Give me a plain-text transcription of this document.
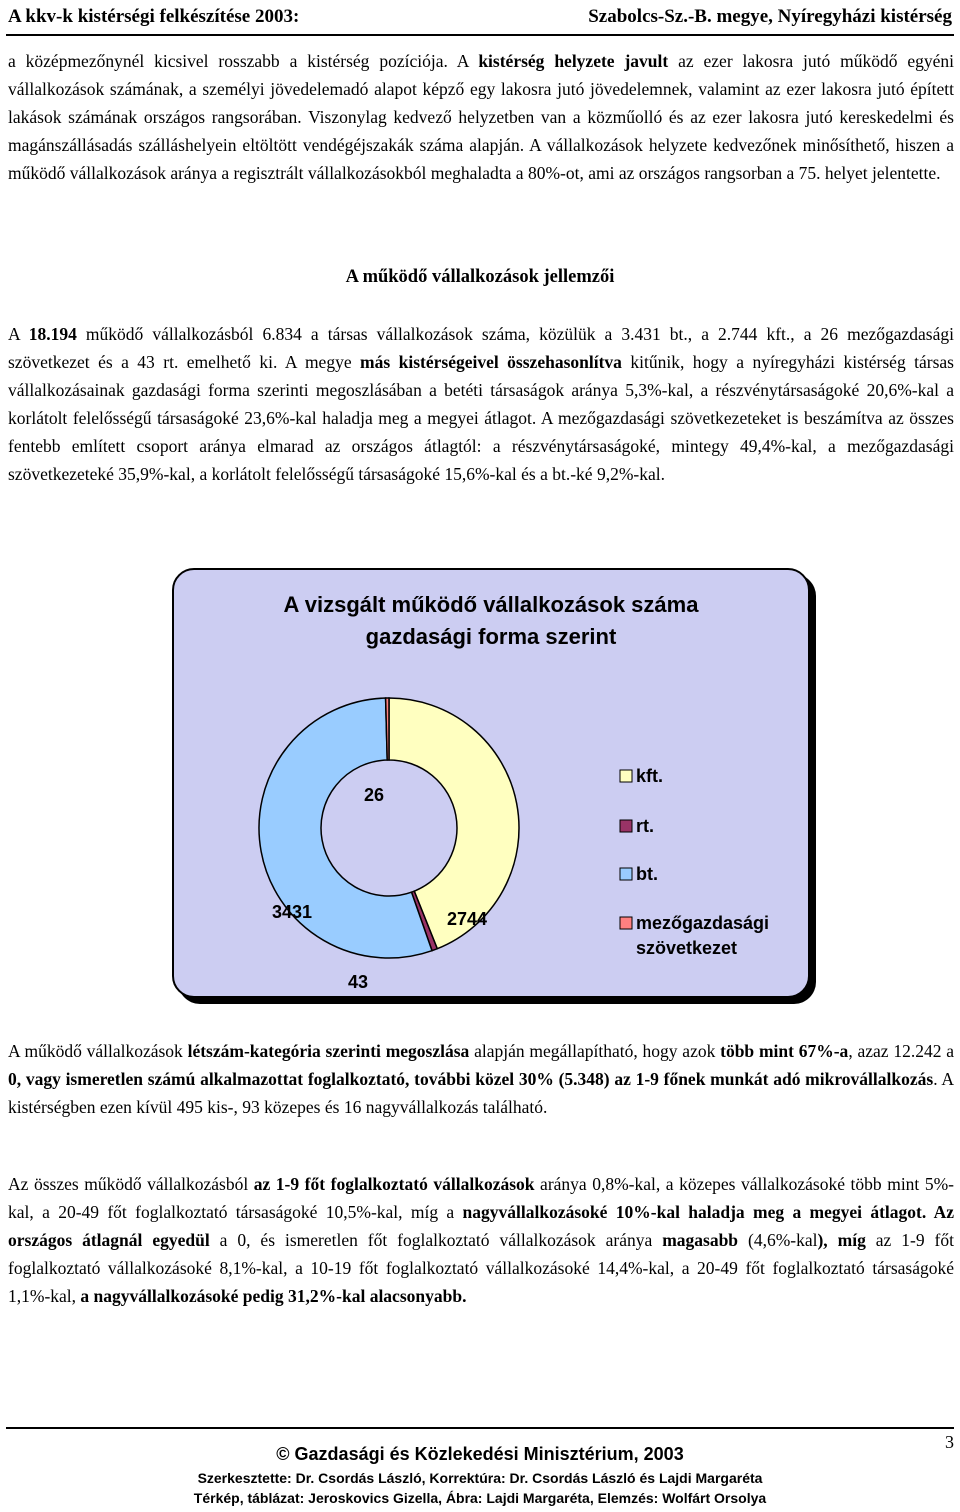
A kkv-k kistérségi felkészítése 2003:	Szabolcs-Sz.-B. megye, Nyíregyházi kistérség
a középmezőnynél kicsivel rosszabb a kistérség pozíciója. A kistérség helyzete javult az ezer lakosra jutó működő egyéni vállalkozások számának, a személyi jövedelemadó alapot képző egy lakosra jutó jövedelemnek, valamint az ezer lakosra jutó épített lakások számának országos rangsorában. Viszonylag kedvező helyzetben van a közműolló és az ezer lakosra jutó kereskedelmi és magánszállásadás szálláshelyein eltöltött vendégéjszakák száma alapján. A vállalkozások helyzete kedvezőnek minősíthető, hiszen a működő vállalkozások aránya a regisztrált vállalkozásokból meghaladta a 80%-ot, ami az országos rangsorban a 75. helyet jelentette.
A működő vállalkozások jellemzői
A 18.194 működő vállalkozásból 6.834 a társas vállalkozások száma, közülük a 3.431 bt., a 2.744 kft., a 26 mezőgazdasági szövetkezet és a 43 rt. emelhető ki. A megye más kistérségeivel összehasonlítva kitűnik, hogy a nyíregyházi kistérség társas vállalkozásainak gazdasági forma szerinti megoszlásában a betéti társaságok aránya 5,3%-kal, a részvénytársaságoké 20,6%-kal a korlátolt felelősségű társaságoké 23,6%-kal haladja meg a megyei átlagot. A mezőgazdasági szövetkezeteket is beszámítva az összes fentebb említett csoport aránya elmarad az országos átlagtól: a részvénytársaságoké, mintegy 49,4%-kal, a mezőgazdasági szövetkezeteké 35,9%-kal, a korlátolt felelősségű társaságoké 15,6%-kal és a bt.-ké 9,2%-kal.
A vizsgált működő vállalkozások száma
gazdasági forma szerint
2744
43
3431
26
kft.
rt.
bt.
mezőgazdasági
szövetkezet
A működő vállalkozások létszám-kategória szerinti megoszlása alapján megállapítható, hogy azok több mint 67%-a, azaz 12.242 a 0, vagy ismeretlen számú alkalmazottat foglalkoztató, további közel 30% (5.348) az 1-9 főnek munkát adó mikrovállalkozás. A kistérségben ezen kívül 495 kis-, 93 közepes és 16 nagyvállalkozás található.
Az összes működő vállalkozásból az 1-9 főt foglalkoztató vállalkozások aránya 0,8%-kal, a közepes vállalkozásoké több mint 5%-kal, a 20-49 főt foglalkoztató társaságoké 10,5%-kal, míg a nagyvállalkozásoké 10%-kal haladja meg a megyei átlagot. Az országos átlagnál egyedül a 0, és ismeretlen főt foglalkoztató vállalkozások aránya magasabb (4,6%-kal), míg az 1-9 főt foglalkoztató vállalkozásoké 8,1%-kal, a 10-19 főt foglalkoztató vállalkozásoké 14,4%-kal, a 20-49 főt foglalkoztató társaságoké 1,1%-kal, a nagyvállalkozásoké pedig 31,2%-kal alacsonyabb.
3
© Gazdasági és Közlekedési Minisztérium, 2003
Szerkesztette: Dr. Csordás László, Korrektúra: Dr. Csordás László és Lajdi Margaréta
Térkép, táblázat: Jeroskovics Gizella, Ábra: Lajdi Margaréta, Elemzés: Wolfárt Orsolya
